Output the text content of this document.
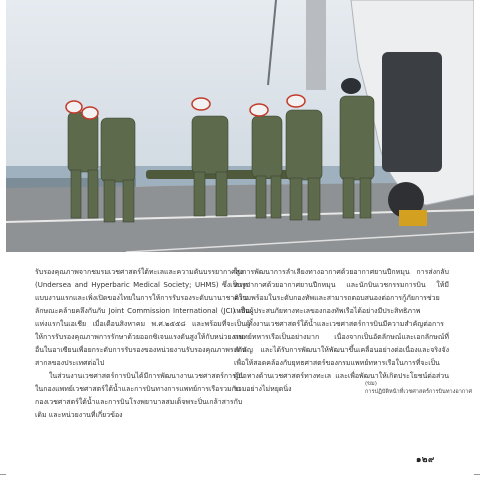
รับรองคุณภาพจากชมรมเวชศาสตร์ใต้ทะเลและความดันบรรยากาศสูง (Undersea and Hyperbaric Medical Society; UHMS) ซึ่งเป็นรูปแบบงานแรกและเพิ่งเปิดของไทยในการให้การรับรองระดับนานาชาติในลักษณะคล้ายคลึงกันกับ Joint Commission International (JCI) เป็นแห่งแรกในเอเชีย เมื่อเดือนสิงหาคม พ.ศ.๒๕๕๘ และพร้อมที่จะเป็นผู้ให้การรับรองคุณภาพการรักษาด้วยออกซิเจนแรงดันสูงให้กับหน่วยงานอื่นในอาเซียนเพื่อยกระดับการรับรองของหน่วยงานรับรองคุณภาพระดับสากลของประเทศต่อไป

ในส่วนงานเวชศาสตร์การบินได้มีการพัฒนางานเวชศาสตร์การบินในกองแพทย์เวชศาสตร์ใต้น้ำและการบินทางการแพทย์การเรือรวมกับกองเวชศาสตร์ใต้น้ำและการบินโรงพยาบาลสมเด็จพระปิ่นเกล้าสารกับเดิม และหน่วยงานที่เกี่ยวข้อง

ในการพัฒนาการลำเลียงทางอากาศด้วยอากาศยานปีกหมุน การส่งกลับทางอากาศด้วยอากาศยานปีกหมุน และนักบินเวชกรรมการบิน ให้มีความพร้อมในระดับกองทัพและสามารถตอบสนองต่อการกู้ภัยการช่วยเหลือผู้ประสบภัยทางทะเลของกองทัพเรือได้อย่างมีประสิทธิภาพ

ทั้งงานเวชศาสตร์ใต้น้ำและเวชศาสตร์การบินมีความสำคัญต่อการแพทย์ทหารเรือเป็นอย่างมาก เนื่องจากเป็นอัตลักษณ์และเอกลักษณ์ที่สำคัญ และได้รับการพัฒนาให้พัฒนาขึ้นเคลื่อนอย่างต่อเนื่องและจริงจัง เพื่อให้สอดคล้องกับยุทธศาสตร์ของกรมแพทย์ทหารเรือในการที่จะเป็นผู้นำทางด้านเวชศาสตร์ทางทะเล และเพื่อพัฒนาให้เกิดประโยชน์ต่อส่วนรวมอย่างไม่หยุดนิ่ง

(ขม)
การปฏิบัติหน้าที่เวชศาสตร์การบินทางอากาศ
๑๒๙
